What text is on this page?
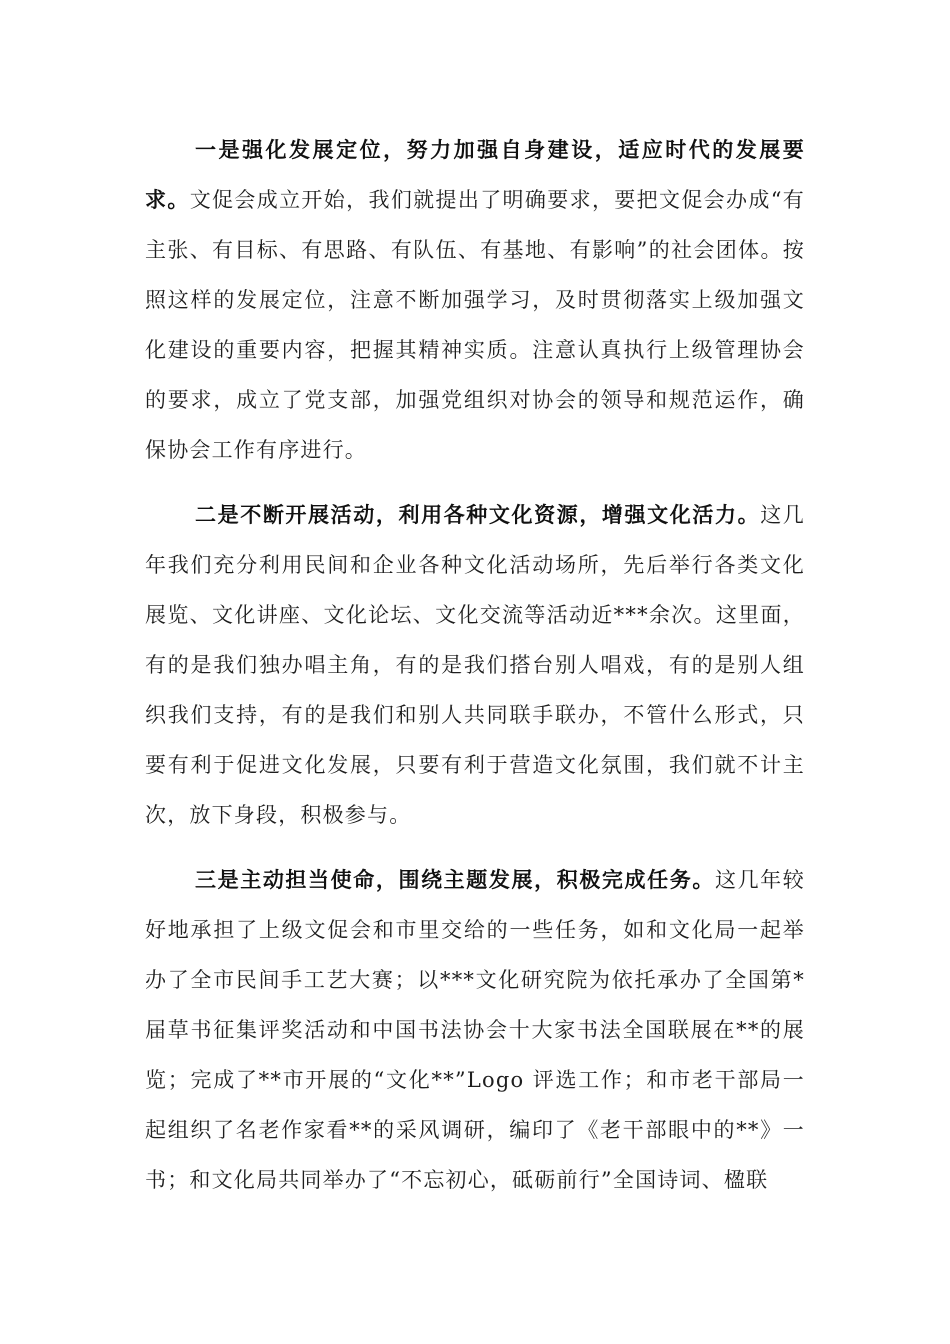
一是强化发展定位，努力加强自身建设，适应时代的发展要求。文促会成立开始，我们就提出了明确要求，要把文促会办成“有主张、有目标、有思路、有队伍、有基地、有影响”的社会团体。按照这样的发展定位，注意不断加强学习，及时贯彻落实上级加强文化建设的重要内容，把握其精神实质。注意认真执行上级管理协会的要求，成立了党支部，加强党组织对协会的领导和规范运作，确保协会工作有序进行。

二是不断开展活动，利用各种文化资源，增强文化活力。这几年我们充分利用民间和企业各种文化活动场所，先后举行各类文化展览、文化讲座、文化论坛、文化交流等活动近***余次。这里面，有的是我们独办唱主角，有的是我们搭台别人唱戏，有的是别人组织我们支持，有的是我们和别人共同联手联办，不管什么形式，只要有利于促进文化发展，只要有利于营造文化氛围，我们就不计主次，放下身段，积极参与。

三是主动担当使命，围绕主题发展，积极完成任务。这几年较好地承担了上级文促会和市里交给的一些任务，如和文化局一起举办了全市民间手工艺大赛；以***文化研究院为依托承办了全国第*届草书征集评奖活动和中国书法协会十大家书法全国联展在**的展览；完成了**市开展的“文化**”Logo 评选工作；和市老干部局一起组织了名老作家看**的采风调研，编印了《老干部眼中的**》一书；和文化局共同举办了“不忘初心，砥砺前行”全国诗词、楹联
